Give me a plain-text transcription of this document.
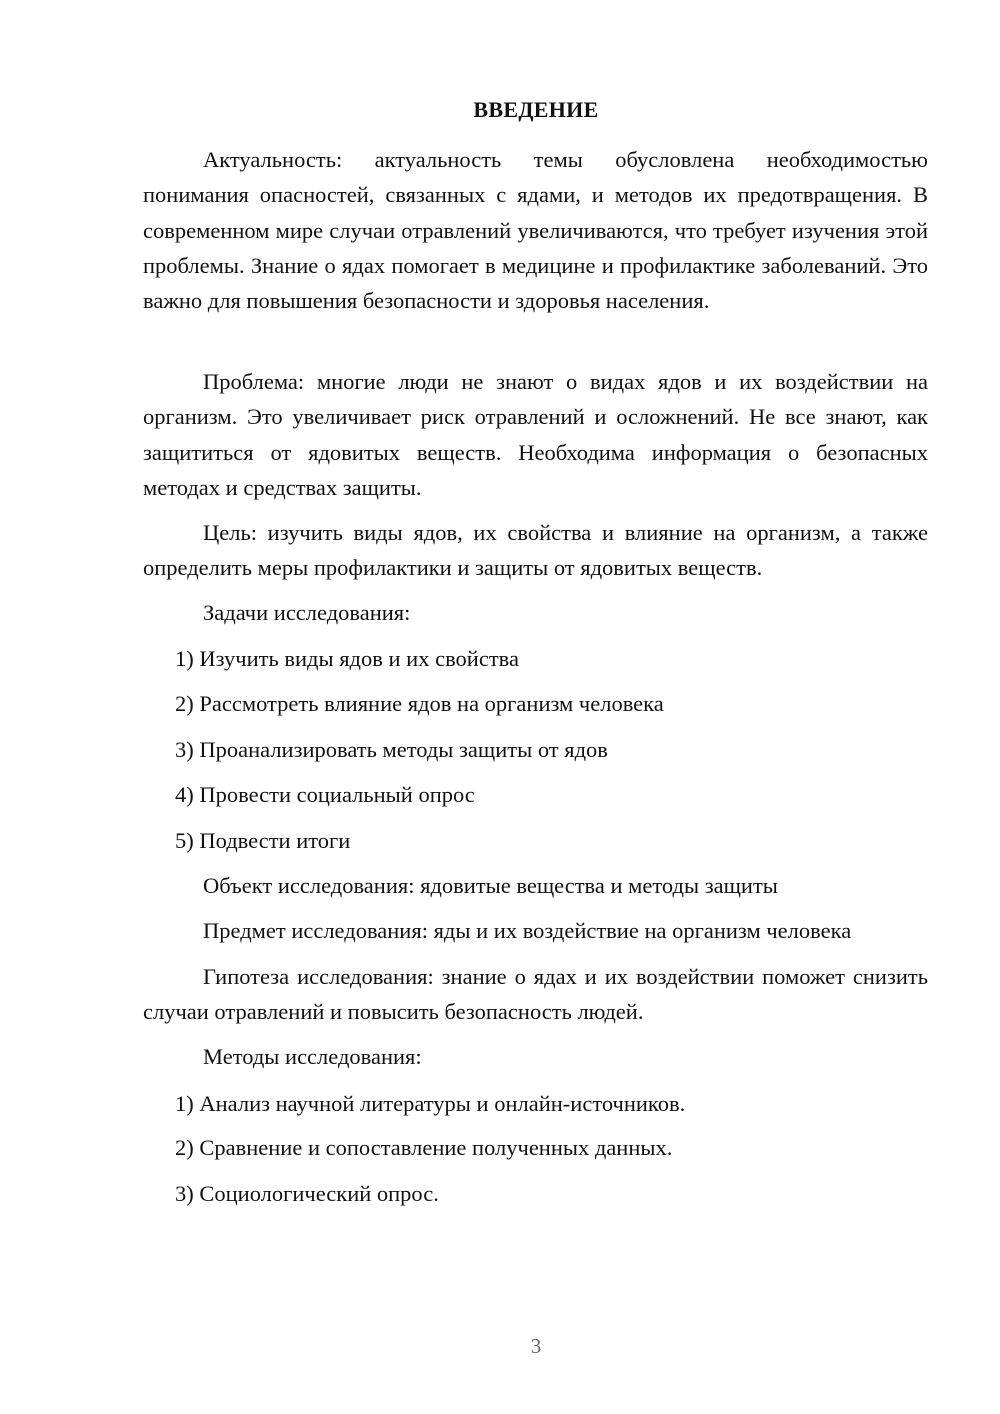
ВВЕДЕНИЕ

Актуальность: актуальность темы обусловлена необходимостью понимания опасностей, связанных с ядами, и методов их предотвращения. В современном мире случаи отравлений увеличиваются, что требует изучения этой проблемы. Знание о ядах помогает в медицине и профилактике заболеваний. Это важно для повышения безопасности и здоровья населения.

Проблема: многие люди не знают о видах ядов и их воздействии на организм. Это увеличивает риск отравлений и осложнений. Не все знают, как защититься от ядовитых веществ. Необходима информация о безопасных методах и средствах защиты.

Цель: изучить виды ядов, их свойства и влияние на организм, а также определить меры профилактики и защиты от ядовитых веществ.

Задачи исследования:
1) Изучить виды ядов и их свойства
2) Рассмотреть влияние ядов на организм человека
3) Проанализировать методы защиты от ядов
4) Провести социальный опрос
5) Подвести итоги
Объект исследования: ядовитые вещества и методы защиты
Предмет исследования: яды и их воздействие на организм человека

Гипотеза исследования: знание о ядах и их воздействии поможет снизить случаи отравлений и повысить безопасность людей.

Методы исследования:
1) Анализ научной литературы и онлайн-источников.
2) Сравнение и сопоставление полученных данных.
3) Социологический опрос.
3
